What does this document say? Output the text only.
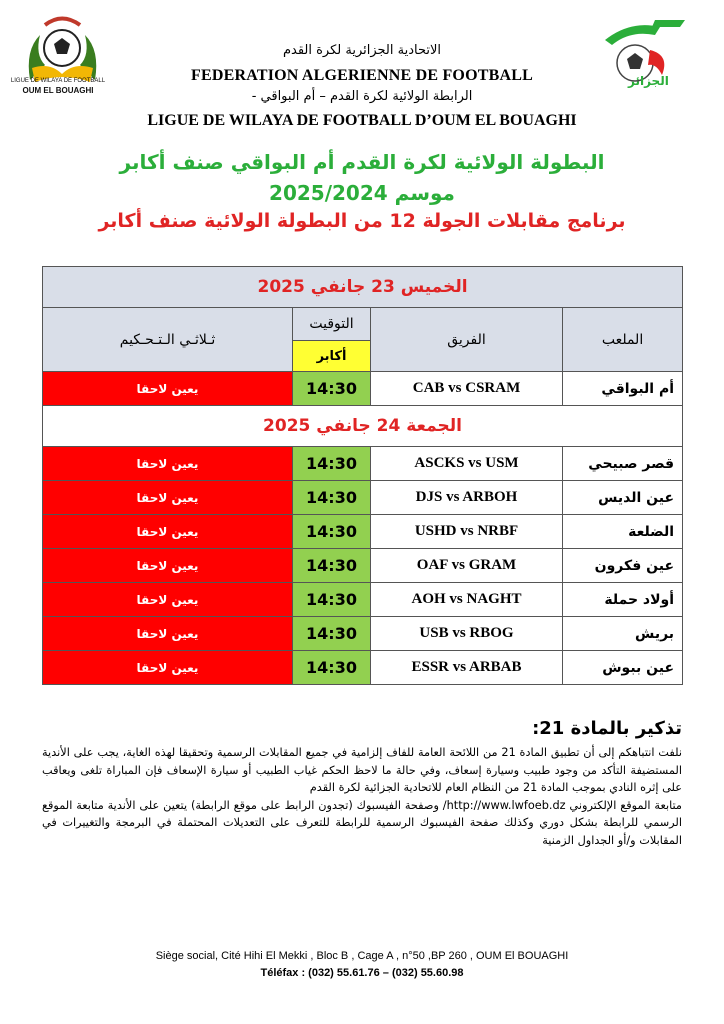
LIGUE DE WILAYA DE FOOTBALL
OUM EL BOUAGHI
الجزائر
الاتحادية الجزائرية لكرة القدم
FEDERATION ALGERIENNE DE FOOTBALL
- الرابطة الولائية لكرة القدم – أم البواقي
LIGUE DE WILAYA DE FOOTBALL D’OUM EL BOUAGHI
البطولة الولائية لكرة القدم أم البواقي صنف أكابر
موسم 2025/2024
برنامج مقابلات الجولة 12 من البطولة الولائية صنف أكابر
الخميس 23 جانفي 2025			
ثـلاثـي الـتـحـكيم	التوقيت	الفريق	الملعب
	أكابر		
يعين لاحقا	14:30	CAB vs CSRAM	أم البواقي
الجمعة 24 جانفي 2025			
يعين لاحقا	14:30	ASCKS vs USM	قصر صبيحي
يعين لاحقا	14:30	DJS vs ARBOH	عين الديس
يعين لاحقا	14:30	USHD vs NRBF	الضلعة
يعين لاحقا	14:30	OAF vs GRAM	عين فكرون
يعين لاحقا	14:30	AOH vs NAGHT	أولاد حملة
يعين لاحقا	14:30	USB vs RBOG	بريش
يعين لاحقا	14:30	ESSR vs ARBAB	عين ببوش
تذكير بالمادة 21:

نلفت انتباهكم إلى أن تطبيق المادة 21 من اللائحة العامة للفاف إلزامية في جميع المقابلات الرسمية وتحقيقا لهذه الغاية، يجب على الأندية المستضيفة التأكد من وجود طبيب وسيارة إسعاف، وفي حالة ما لاحظ الحكم غياب الطبيب أو سيارة الإسعاف فإن المباراة تلغى ويعاقب على إثره النادي بموجب المادة 21 من النظام العام للاتحادية الجزائية لكرة القدم

متابعة الموقع الإلكتروني http://www.lwfoeb.dz/ وصفحة الفيسبوك (تجدون الرابط على موقع الرابطة) يتعين على الأندية متابعة الموقع الرسمي للرابطة بشكل دوري وكذلك صفحة الفيسبوك الرسمية للرابطة للتعرف على التعديلات المحتملة في البرمجة والتغييرات في المقابلات و/أو الجداول الزمنية

Siège social, Cité Hihi El Mekki , Bloc B , Cage A , n°50 ,BP 260 , OUM El BOUAGHI
Téléfax : (032) 55.61.76 – (032) 55.60.98
